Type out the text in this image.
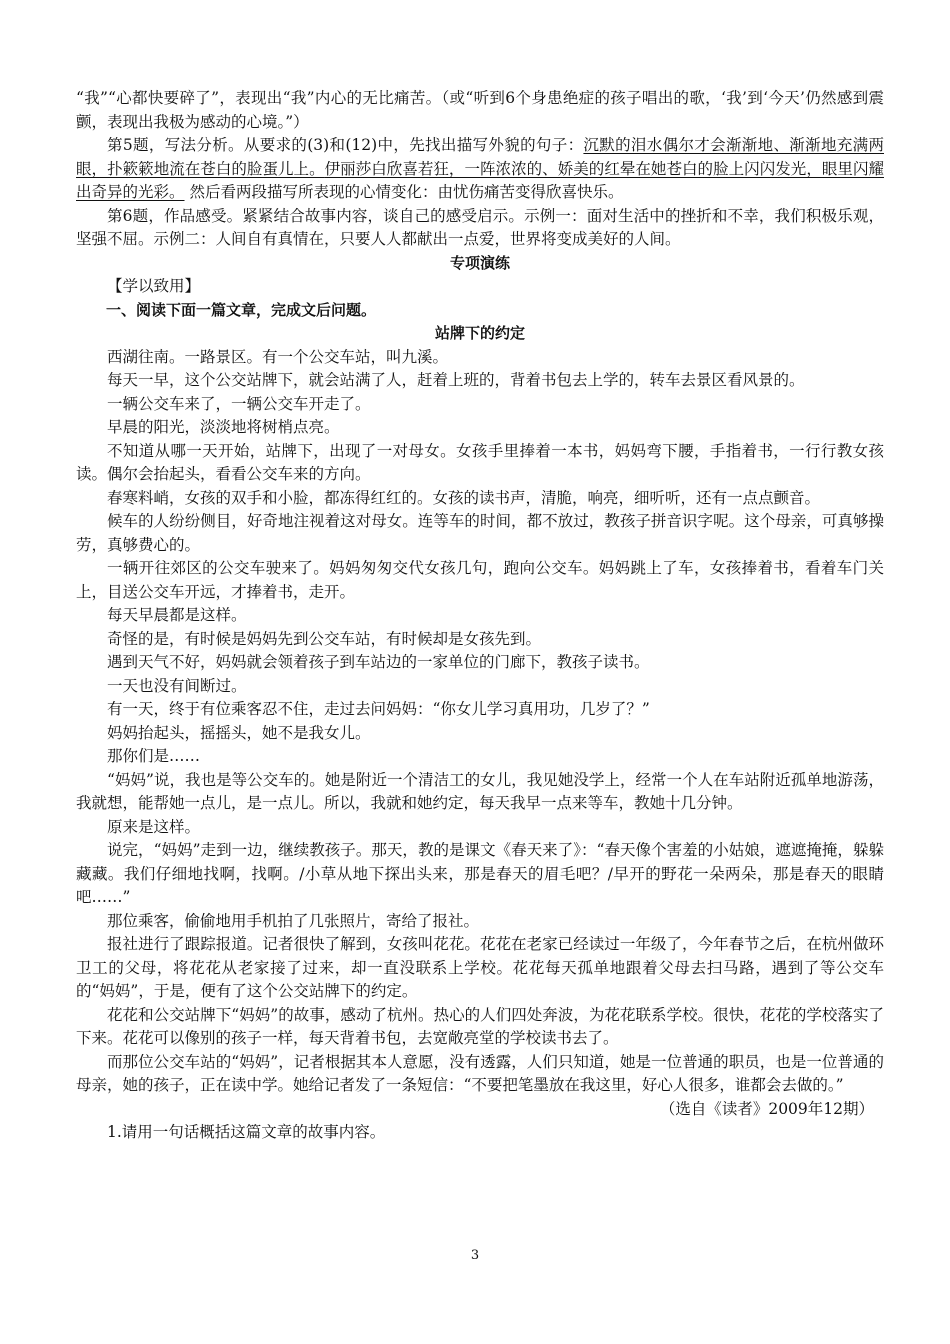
“我”“心都快要碎了”，表现出“我”内心的无比痛苦。（或“听到6个身患绝症的孩子唱出的歌，‘我’到‘今天’仍然感到震颤，表现出我极为感动的心境。”）

第5题，写法分析。从要求的(3)和(12)中，先找出描写外貌的句子：沉默的泪水偶尔才会渐渐地、渐渐地充满两眼，扑簌簌地流在苍白的脸蛋儿上。伊丽莎白欣喜若狂，一阵浓浓的、娇美的红晕在她苍白的脸上闪闪发光，眼里闪耀出奇异的光彩。 然后看两段描写所表现的心情变化：由忧伤痛苦变得欣喜快乐。

第6题，作品感受。紧紧结合故事内容，谈自己的感受启示。示例一：面对生活中的挫折和不幸，我们积极乐观，坚强不屈。示例二：人间自有真情在，只要人人都献出一点爱，世界将变成美好的人间。

专项演练

【学以致用】

一、阅读下面一篇文章，完成文后问题。

站牌下的约定

西湖往南。一路景区。有一个公交车站，叫九溪。

每天一早，这个公交站牌下，就会站满了人，赶着上班的，背着书包去上学的，转车去景区看风景的。

一辆公交车来了，一辆公交车开走了。

早晨的阳光，淡淡地将树梢点亮。

不知道从哪一天开始，站牌下，出现了一对母女。女孩手里捧着一本书，妈妈弯下腰，手指着书，一行行教女孩读。偶尔会抬起头，看看公交车来的方向。

春寒料峭，女孩的双手和小脸，都冻得红红的。女孩的读书声，清脆，响亮，细听听，还有一点点颤音。

候车的人纷纷侧目，好奇地注视着这对母女。连等车的时间，都不放过，教孩子拼音识字呢。这个母亲，可真够操劳，真够费心的。

一辆开往郊区的公交车驶来了。妈妈匆匆交代女孩几句，跑向公交车。妈妈跳上了车，女孩捧着书，看着车门关上，目送公交车开远，才捧着书，走开。

每天早晨都是这样。

奇怪的是，有时候是妈妈先到公交车站，有时候却是女孩先到。

遇到天气不好，妈妈就会领着孩子到车站边的一家单位的门廊下，教孩子读书。

一天也没有间断过。

有一天，终于有位乘客忍不住，走过去问妈妈：“你女儿学习真用功，几岁了？”

妈妈抬起头，摇摇头，她不是我女儿。

那你们是……

“妈妈”说，我也是等公交车的。她是附近一个清洁工的女儿，我见她没学上，经常一个人在车站附近孤单地游荡，我就想，能帮她一点儿，是一点儿。所以，我就和她约定，每天我早一点来等车，教她十几分钟。

原来是这样。

说完，“妈妈”走到一边，继续教孩子。那天，教的是课文《春天来了》：“春天像个害羞的小姑娘，遮遮掩掩，躲躲藏藏。我们仔细地找啊，找啊。/小草从地下探出头来，那是春天的眉毛吧？/早开的野花一朵两朵，那是春天的眼睛吧……”

那位乘客，偷偷地用手机拍了几张照片，寄给了报社。

报社进行了跟踪报道。记者很快了解到，女孩叫花花。花花在老家已经读过一年级了，今年春节之后，在杭州做环卫工的父母，将花花从老家接了过来，却一直没联系上学校。花花每天孤单地跟着父母去扫马路，遇到了等公交车的“妈妈”，于是，便有了这个公交站牌下的约定。

花花和公交站牌下“妈妈”的故事，感动了杭州。热心的人们四处奔波，为花花联系学校。很快，花花的学校落实了下来。花花可以像别的孩子一样，每天背着书包，去宽敞亮堂的学校读书去了。

而那位公交车站的“妈妈”，记者根据其本人意愿，没有透露，人们只知道，她是一位普通的职员，也是一位普通的母亲，她的孩子，正在读中学。她给记者发了一条短信：“不要把笔墨放在我这里，好心人很多，谁都会去做的。”

（选自《读者》2009年12期）

1.请用一句话概括这篇文章的故事内容。

3
